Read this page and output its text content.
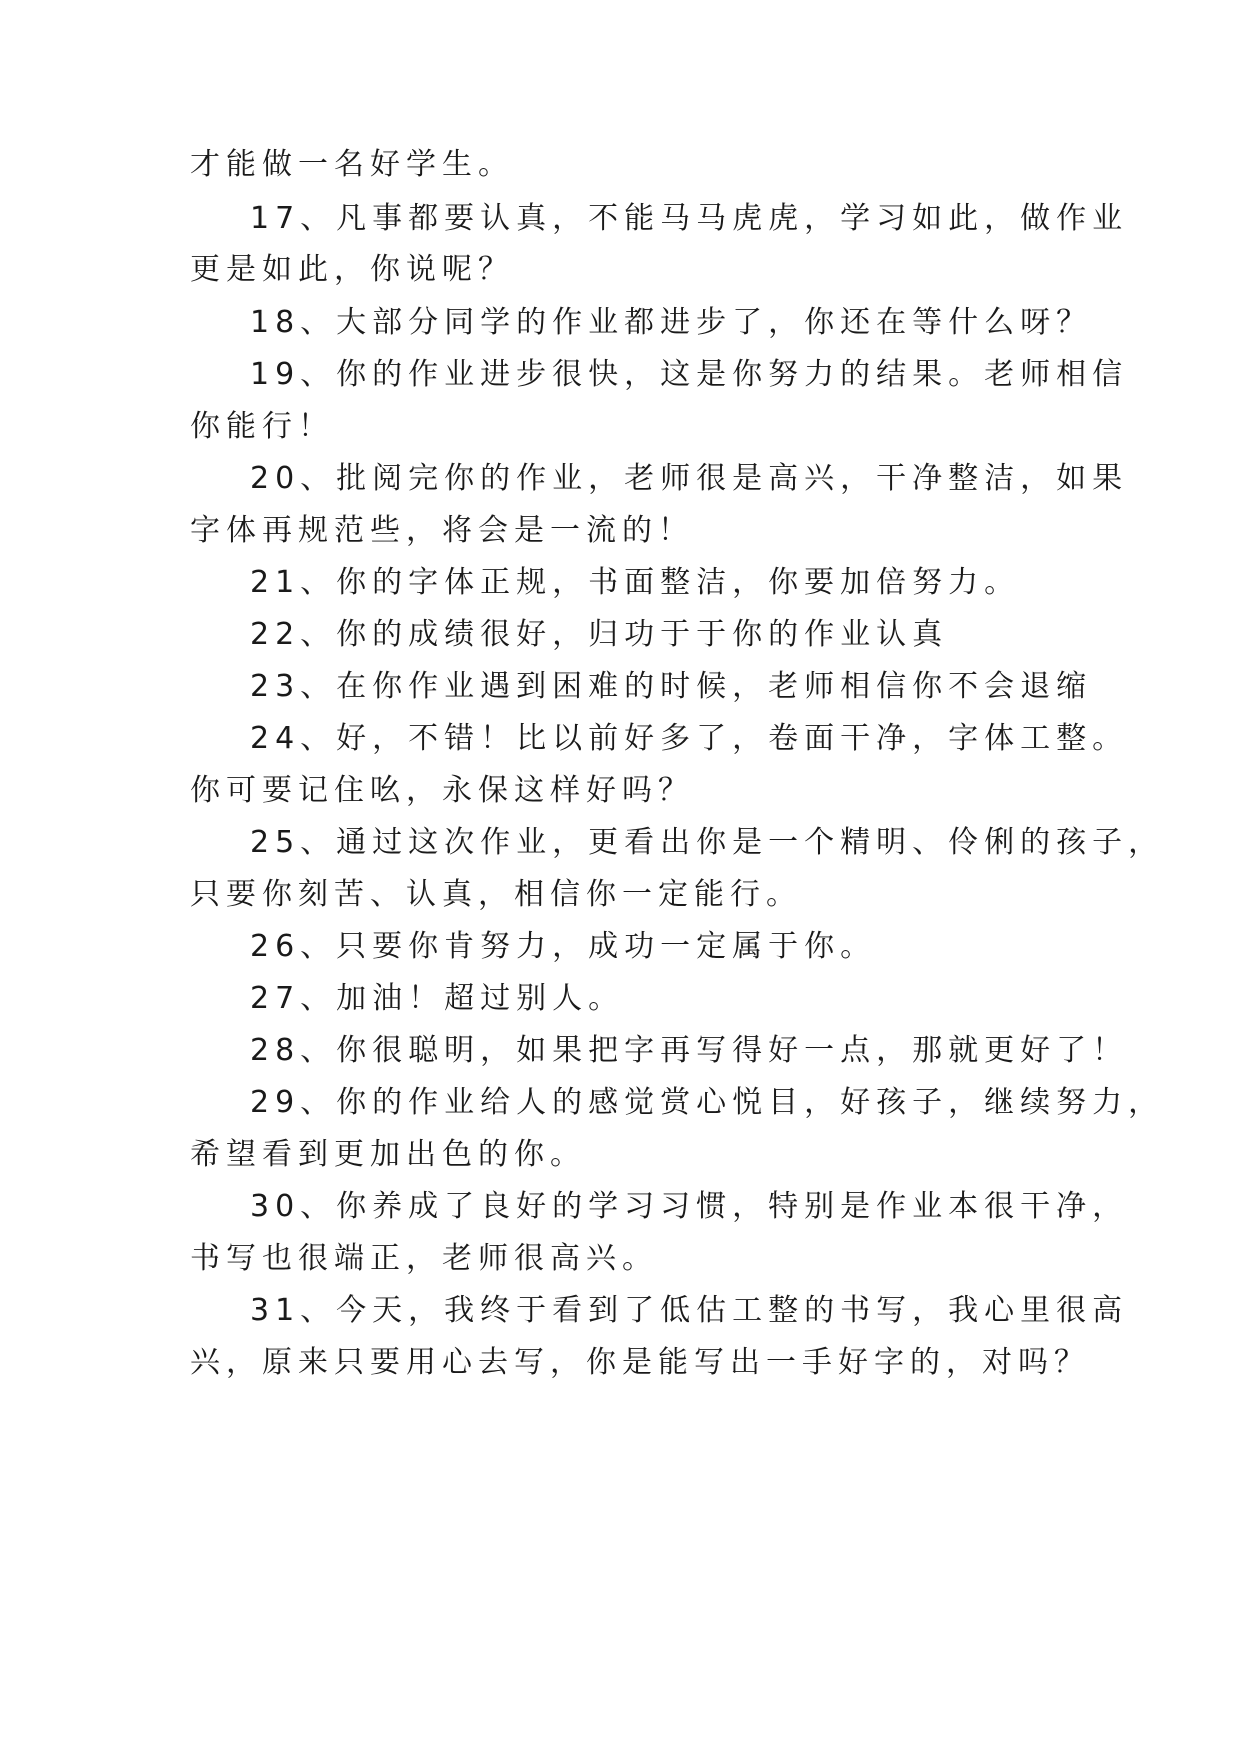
才能做一名好学生。
17、凡事都要认真，不能马马虎虎，学习如此，做作业
更是如此，你说呢？
18、大部分同学的作业都进步了，你还在等什么呀？
19、你的作业进步很快，这是你努力的结果。老师相信
你能行！
20、批阅完你的作业，老师很是高兴，干净整洁，如果
字体再规范些，将会是一流的！
21、你的字体正规，书面整洁，你要加倍努力。
22、你的成绩很好，归功于于你的作业认真
23、在你作业遇到困难的时候，老师相信你不会退缩
24、好，不错！比以前好多了，卷面干净，字体工整。
你可要记住吆，永保这样好吗？
25、通过这次作业，更看出你是一个精明、伶俐的孩子，
只要你刻苦、认真，相信你一定能行。
26、只要你肯努力，成功一定属于你。
27、加油！超过别人。
28、你很聪明，如果把字再写得好一点，那就更好了！
29、你的作业给人的感觉赏心悦目，好孩子，继续努力，
希望看到更加出色的你。
30、你养成了良好的学习习惯，特别是作业本很干净，
书写也很端正，老师很高兴。
31、今天，我终于看到了低估工整的书写，我心里很高
兴，原来只要用心去写，你是能写出一手好字的，对吗？
